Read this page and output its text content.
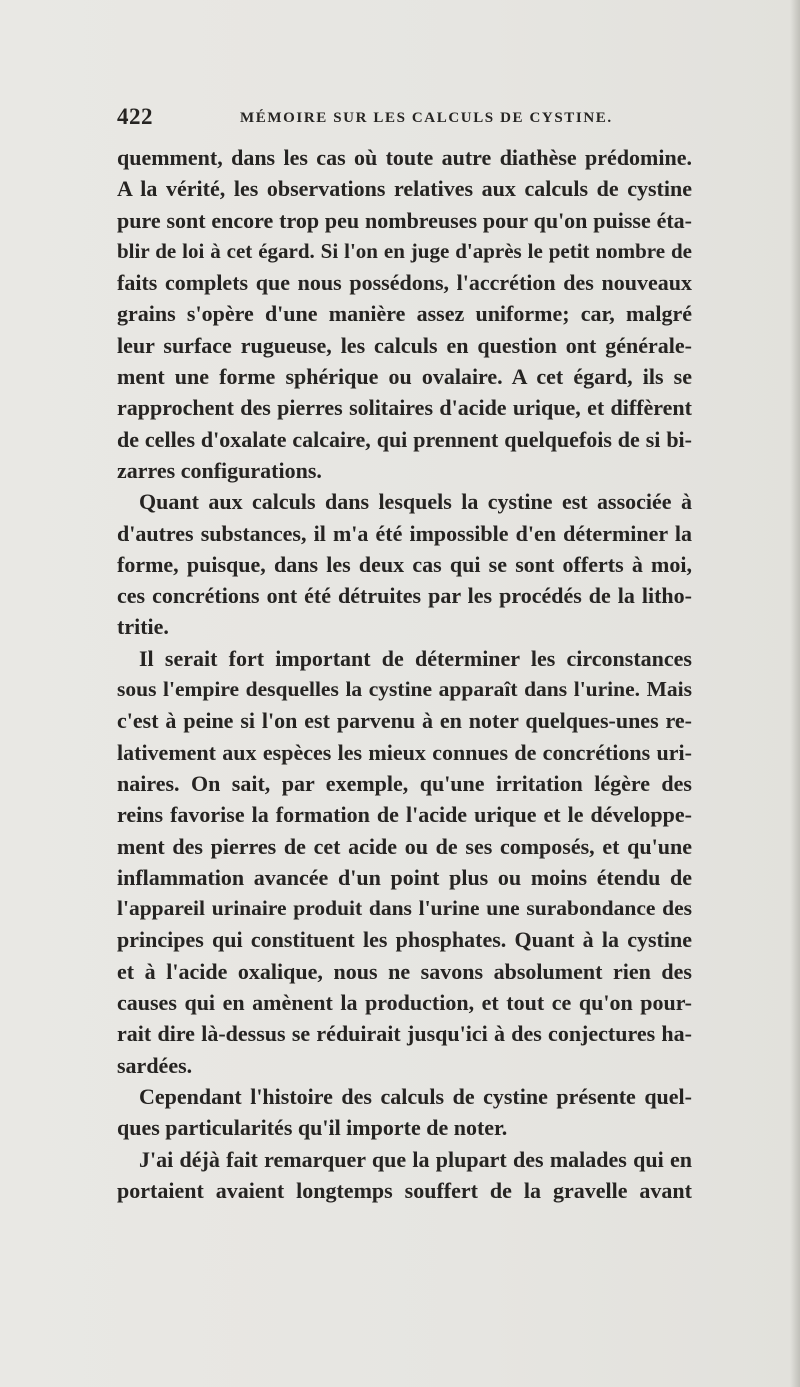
422	MÉMOIRE SUR LES CALCULS DE CYSTINE.
quemment, dans les cas où toute autre diathèse prédomine.
A la vérité, les observations relatives aux calculs de cystine
pure sont encore trop peu nombreuses pour qu'on puisse éta-
blir de loi à cet égard. Si l'on en juge d'après le petit nombre de
faits complets que nous possédons, l'accrétion des nouveaux
grains s'opère d'une manière assez uniforme; car, malgré
leur surface rugueuse, les calculs en question ont générale-
ment une forme sphérique ou ovalaire. A cet égard, ils se
rapprochent des pierres solitaires d'acide urique, et diffèrent
de celles d'oxalate calcaire, qui prennent quelquefois de si bi-
zarres configurations.
Quant aux calculs dans lesquels la cystine est associée à
d'autres substances, il m'a été impossible d'en déterminer la
forme, puisque, dans les deux cas qui se sont offerts à moi,
ces concrétions ont été détruites par les procédés de la litho-
tritie.
Il serait fort important de déterminer les circonstances
sous l'empire desquelles la cystine apparaît dans l'urine. Mais
c'est à peine si l'on est parvenu à en noter quelques-unes re-
lativement aux espèces les mieux connues de concrétions uri-
naires. On sait, par exemple, qu'une irritation légère des
reins favorise la formation de l'acide urique et le développe-
ment des pierres de cet acide ou de ses composés, et qu'une
inflammation avancée d'un point plus ou moins étendu de
l'appareil urinaire produit dans l'urine une surabondance des
principes qui constituent les phosphates. Quant à la cystine
et à l'acide oxalique, nous ne savons absolument rien des
causes qui en amènent la production, et tout ce qu'on pour-
rait dire là-dessus se réduirait jusqu'ici à des conjectures ha-
sardées.
Cependant l'histoire des calculs de cystine présente quel-
ques particularités qu'il importe de noter.
J'ai déjà fait remarquer que la plupart des malades qui en
portaient avaient longtemps souffert de la gravelle avant
